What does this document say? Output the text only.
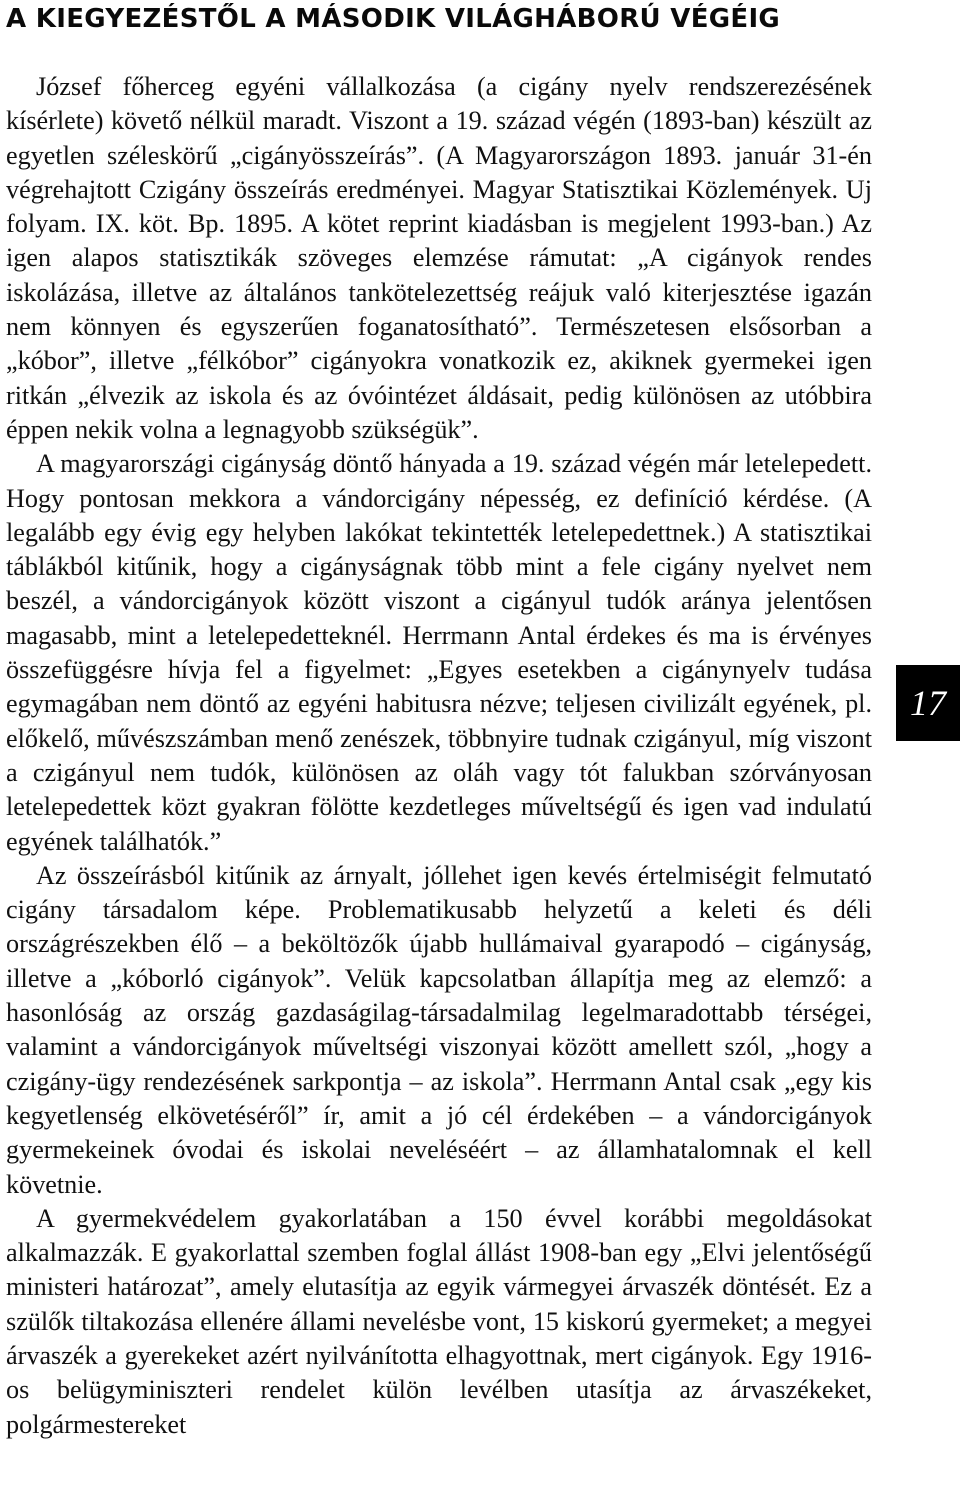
A KIEGYEZÉSTŐL A MÁSODIK VILÁGHÁBORÚ VÉGÉIG

József főherceg egyéni vállalkozása (a cigány nyelv rendszerezésének kísérlete) követő nélkül maradt. Viszont a 19. század végén (1893-ban) készült az egyetlen széleskörű „cigányösszeírás”. (A Magyarországon 1893. január 31-én végrehajtott Czigány összeírás eredményei. Magyar Statisztikai Közlemények. Uj folyam. IX. köt. Bp. 1895. A kötet reprint kiadásban is megjelent 1993-ban.) Az igen alapos statisztikák szöveges elemzése rámutat: „A cigányok rendes iskolázása, illetve az általános tankötelezettség reájuk való kiterjesztése igazán nem könnyen és egyszerűen foganatosítható”. Természetesen elsősorban a „kóbor”, illetve „félkóbor” cigányokra vonatkozik ez, akiknek gyermekei igen ritkán „élvezik az iskola és az óvóintézet áldásait, pedig különösen az utóbbira éppen nekik volna a legnagyobb szükségük”.

A magyarországi cigányság döntő hányada a 19. század végén már letelepedett. Hogy pontosan mekkora a vándorcigány népesség, ez definíció kérdése. (A legalább egy évig egy helyben lakókat tekintették letelepedettnek.) A statisztikai táblákból kitűnik, hogy a cigányságnak több mint a fele cigány nyelvet nem beszél, a vándorcigányok között viszont a cigányul tudók aránya jelentősen magasabb, mint a letelepedetteknél. Herrmann Antal érdekes és ma is érvényes összefüggésre hívja fel a figyelmet: „Egyes esetekben a cigánynyelv tudása egymagában nem döntő az egyéni habitusra nézve; teljesen civilizált egyének, pl. előkelő, művészszámban menő zenészek, többnyire tudnak czigányul, míg viszont a czigányul nem tudók, különösen az oláh vagy tót falukban szórványosan letelepedettek közt gyakran fölötte kezdetleges műveltségű és igen vad indulatú egyének találhatók.”

Az összeírásból kitűnik az árnyalt, jóllehet igen kevés értelmiségit felmutató cigány társadalom képe. Problematikusabb helyzetű a keleti és déli országrészekben élő – a beköltözők újabb hullámaival gyarapodó – cigányság, illetve a „kóborló cigányok”. Velük kapcsolatban állapítja meg az elemző: a hasonlóság az ország gazdaságilag-társadalmilag legelmaradottabb térségei, valamint a vándorcigányok műveltségi viszonyai között amellett szól, „hogy a czigány-ügy rendezésének sarkpontja – az iskola”. Herrmann Antal csak „egy kis kegyetlenség elkövetéséről” ír, amit a jó cél érdekében – a vándorcigányok gyermekeinek óvodai és iskolai neveléséért – az államhatalomnak el kell követnie.

A gyermekvédelem gyakorlatában a 150 évvel korábbi megoldásokat alkalmazzák. E gyakorlattal szemben foglal állást 1908-ban egy „Elvi jelentőségű ministeri határozat”, amely elutasítja az egyik vármegyei árvaszék döntését. Ez a szülők tiltakozása ellenére állami nevelésbe vont, 15 kiskorú gyermeket; a megyei árvaszék a gyerekeket azért nyilvánította elhagyottnak, mert cigányok. Egy 1916-os belügyminiszteri rendelet külön levélben utasítja az árvaszékeket, polgármestereket

17
